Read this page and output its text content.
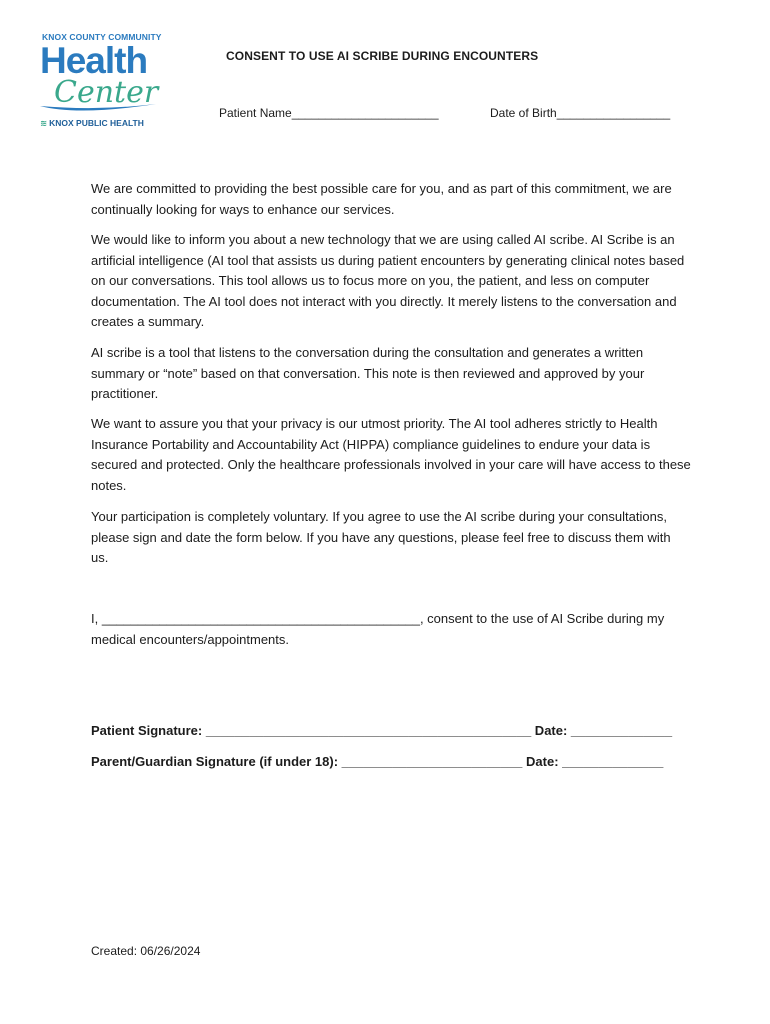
KNOX COUNTY COMMUNITY
Health
Center
≋ KNOX PUBLIC HEALTH
CONSENT TO USE AI SCRIBE DURING ENCOUNTERS
Patient Name______________________	Date of Birth_________________

We are committed to providing the best possible care for you, and as part of this commitment, we are continually looking for ways to enhance our services.

We would like to inform you about a new technology that we are using called AI scribe. AI Scribe is an artificial intelligence (AI tool that assists us during patient encounters by generating clinical notes based on our conversations. This tool allows us to focus more on you, the patient, and less on computer documentation. The AI tool does not interact with you directly. It merely listens to the conversation and creates a summary.

AI scribe is a tool that listens to the conversation during the consultation and generates a written summary or “note” based on that conversation. This note is then reviewed and approved by your practitioner.

We want to assure you that your privacy is our utmost priority. The AI tool adheres strictly to Health Insurance Portability and Accountability Act (HIPPA) compliance guidelines to endure your data is secured and protected. Only the healthcare professionals involved in your care will have access to these notes.

Your participation is completely voluntary. If you agree to use the AI scribe during your consultations, please sign and date the form below. If you have any questions, please feel free to discuss them with us.

I, ____________________________________________, consent to the use of AI Scribe during my medical encounters/appointments.

Patient Signature: _____________________________________________ Date: ______________
Parent/Guardian Signature (if under 18): _________________________ Date: ______________
Created: 06/26/2024
